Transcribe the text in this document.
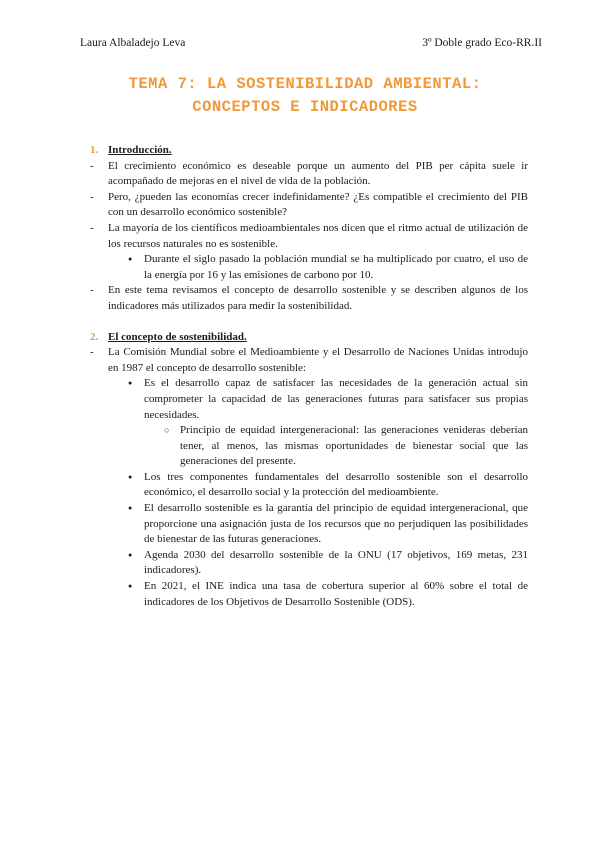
Laura Albaladejo Leva	3º Doble grado Eco-RR.II
TEMA 7: LA SOSTENIBILIDAD AMBIENTAL:
CONCEPTOS E INDICADORES
1. Introducción.
- El crecimiento económico es deseable porque un aumento del PIB per cápita suele ir acompañado de mejoras en el nivel de vida de la población.
- Pero, ¿pueden las economías crecer indefinidamente? ¿Es compatible el crecimiento del PIB con un desarrollo económico sostenible?
- La mayoría de los científicos medioambientales nos dicen que el ritmo actual de utilización de los recursos naturales no es sostenible.
● Durante el siglo pasado la población mundial se ha multiplicado por cuatro, el uso de la energía por 16 y las emisiones de carbono por 10.
- En este tema revisamos el concepto de desarrollo sostenible y se describen algunos de los indicadores más utilizados para medir la sostenibilidad.
2. El concepto de sostenibilidad.
- La Comisión Mundial sobre el Medioambiente y el Desarrollo de Naciones Unidas introdujo en 1987 el concepto de desarrollo sostenible:
● Es el desarrollo capaz de satisfacer las necesidades de la generación actual sin comprometer la capacidad de las generaciones futuras para satisfacer sus propias necesidades.
○ Principio de equidad intergeneracional: las generaciones venideras deberían tener, al menos, las mismas oportunidades de bienestar social que las generaciones del presente.
● Los tres componentes fundamentales del desarrollo sostenible son el desarrollo económico, el desarrollo social y la protección del medioambiente.
● El desarrollo sostenible es la garantía del principio de equidad intergeneracional, que proporcione una asignación justa de los recursos que no perjudiquen las posibilidades de bienestar de las futuras generaciones.
● Agenda 2030 del desarrollo sostenible de la ONU (17 objetivos, 169 metas, 231 indicadores).
● En 2021, el INE indica una tasa de cobertura superior al 60% sobre el total de indicadores de los Objetivos de Desarrollo Sostenible (ODS).
